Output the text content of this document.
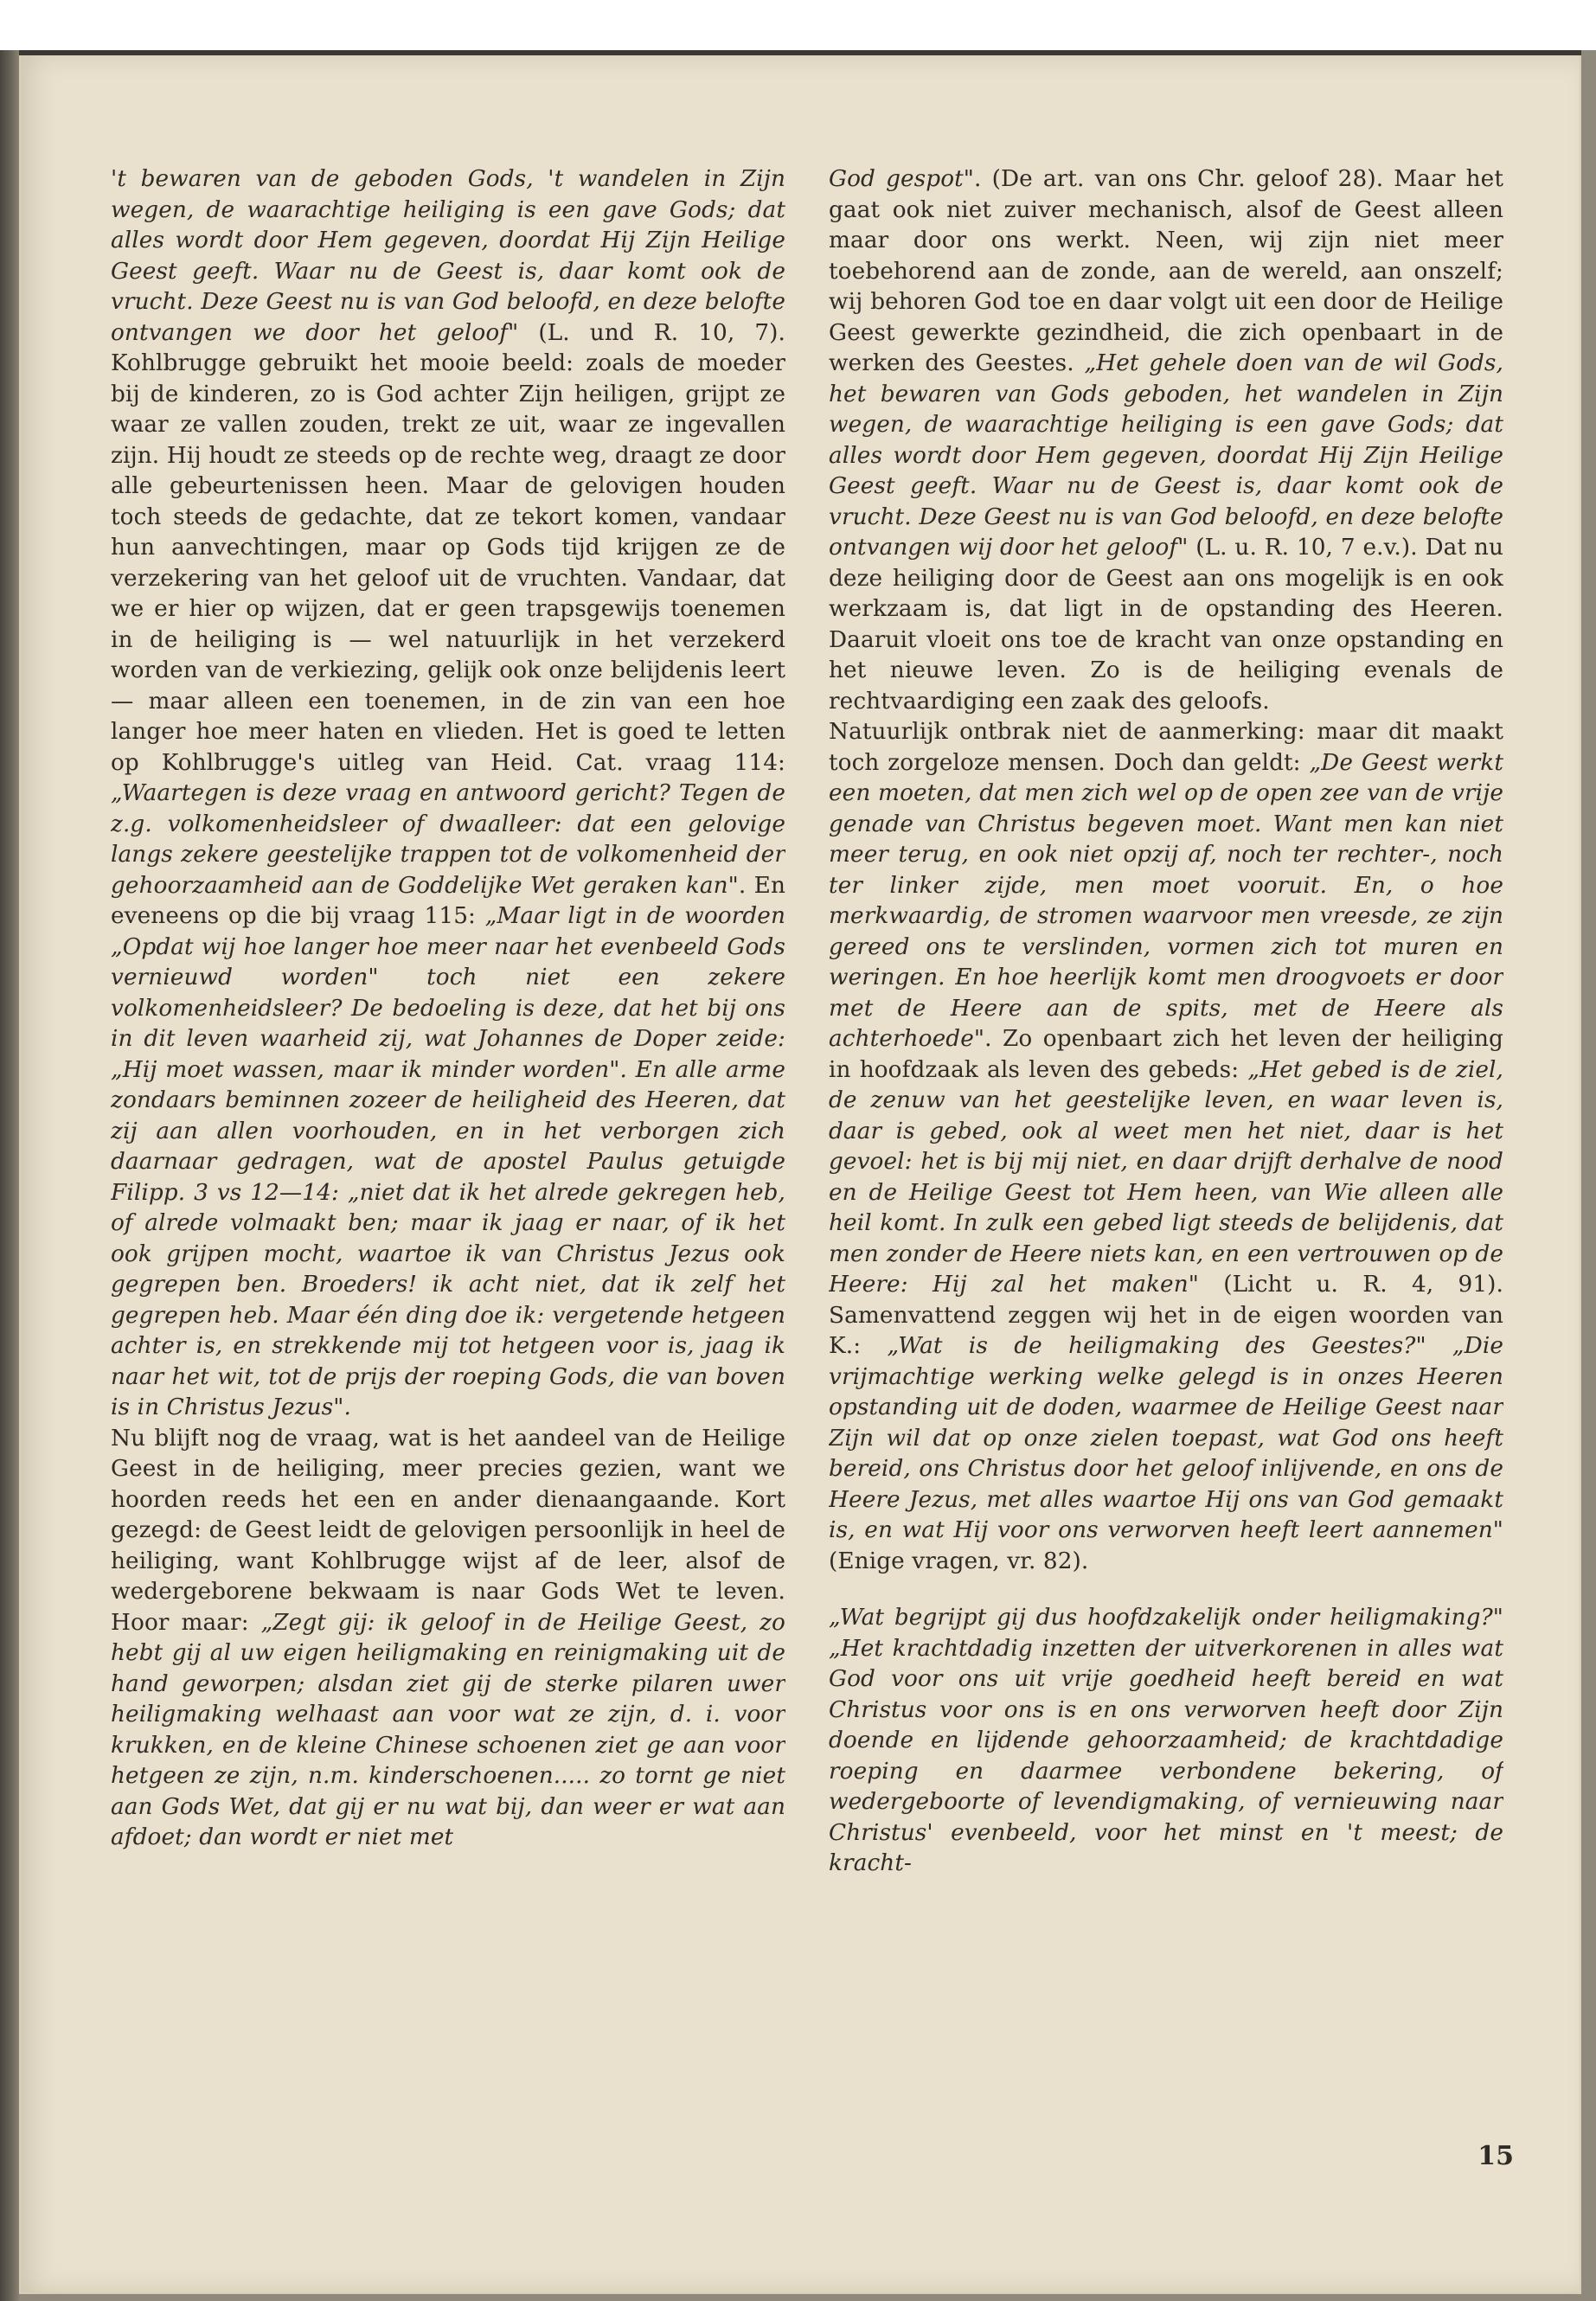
't bewaren van de geboden Gods, 't wandelen in Zijn wegen, de waarachtige heiliging is een gave Gods; dat alles wordt door Hem gegeven, doordat Hij Zijn Heilige Geest geeft. Waar nu de Geest is, daar komt ook de vrucht. Deze Geest nu is van God beloofd, en deze belofte ontvangen we door het geloof" (L. und R. 10, 7). Kohlbrugge gebruikt het mooie beeld: zoals de moeder bij de kinderen, zo is God achter Zijn heiligen, grijpt ze waar ze vallen zouden, trekt ze uit, waar ze ingevallen zijn. Hij houdt ze steeds op de rechte weg, draagt ze door alle gebeurtenissen heen. Maar de gelovigen houden toch steeds de gedachte, dat ze tekort komen, vandaar hun aanvechtingen, maar op Gods tijd krijgen ze de verzekering van het geloof uit de vruchten. Vandaar, dat we er hier op wijzen, dat er geen trapsgewijs toenemen in de heiliging is — wel natuurlijk in het verzekerd worden van de verkiezing, gelijk ook onze belijdenis leert — maar alleen een toenemen, in de zin van een hoe langer hoe meer haten en vlieden. Het is goed te letten op Kohlbrugge's uitleg van Heid. Cat. vraag 114: „Waartegen is deze vraag en antwoord gericht? Tegen de z.g. volkomenheidsleer of dwaalleer: dat een gelovige langs zekere geestelijke trappen tot de volkomenheid der gehoorzaamheid aan de Goddelijke Wet geraken kan". En eveneens op die bij vraag 115: „Maar ligt in de woorden „Opdat wij hoe langer hoe meer naar het evenbeeld Gods vernieuwd worden" toch niet een zekere volkomenheidsleer? De bedoeling is deze, dat het bij ons in dit leven waarheid zij, wat Johannes de Doper zeide: „Hij moet wassen, maar ik minder worden". En alle arme zondaars beminnen zozeer de heiligheid des Heeren, dat zij aan allen voorhouden, en in het verborgen zich daarnaar gedragen, wat de apostel Paulus getuigde Filipp. 3 vs 12—14: „niet dat ik het alrede gekregen heb, of alrede volmaakt ben; maar ik jaag er naar, of ik het ook grijpen mocht, waartoe ik van Christus Jezus ook gegrepen ben. Broeders! ik acht niet, dat ik zelf het gegrepen heb. Maar één ding doe ik: vergetende hetgeen achter is, en strekkende mij tot hetgeen voor is, jaag ik naar het wit, tot de prijs der roeping Gods, die van boven is in Christus Jezus".

Nu blijft nog de vraag, wat is het aandeel van de Heilige Geest in de heiliging, meer precies gezien, want we hoorden reeds het een en ander dienaangaande. Kort gezegd: de Geest leidt de gelovigen persoonlijk in heel de heiliging, want Kohlbrugge wijst af de leer, alsof de wedergeborene bekwaam is naar Gods Wet te leven. Hoor maar: „Zegt gij: ik geloof in de Heilige Geest, zo hebt gij al uw eigen heiligmaking en reinigmaking uit de hand geworpen; alsdan ziet gij de sterke pilaren uwer heiligmaking welhaast aan voor wat ze zijn, d. i. voor krukken, en de kleine Chinese schoenen ziet ge aan voor hetgeen ze zijn, n.m. kinderschoenen..... zo tornt ge niet aan Gods Wet, dat gij er nu wat bij, dan weer er wat aan afdoet; dan wordt er niet met

God gespot". (De art. van ons Chr. geloof 28). Maar het gaat ook niet zuiver mechanisch, alsof de Geest alleen maar door ons werkt. Neen, wij zijn niet meer toebehorend aan de zonde, aan de wereld, aan onszelf; wij behoren God toe en daar volgt uit een door de Heilige Geest gewerkte gezindheid, die zich openbaart in de werken des Geestes. „Het gehele doen van de wil Gods, het bewaren van Gods geboden, het wandelen in Zijn wegen, de waarachtige heiliging is een gave Gods; dat alles wordt door Hem gegeven, doordat Hij Zijn Heilige Geest geeft. Waar nu de Geest is, daar komt ook de vrucht. Deze Geest nu is van God beloofd, en deze belofte ontvangen wij door het geloof" (L. u. R. 10, 7 e.v.). Dat nu deze heiliging door de Geest aan ons mogelijk is en ook werkzaam is, dat ligt in de opstanding des Heeren. Daaruit vloeit ons toe de kracht van onze opstanding en het nieuwe leven. Zo is de heiliging evenals de rechtvaardiging een zaak des geloofs.

Natuurlijk ontbrak niet de aanmerking: maar dit maakt toch zorgeloze mensen. Doch dan geldt: „De Geest werkt een moeten, dat men zich wel op de open zee van de vrije genade van Christus begeven moet. Want men kan niet meer terug, en ook niet opzij af, noch ter rechter-, noch ter linker zijde, men moet vooruit. En, o hoe merkwaardig, de stromen waarvoor men vreesde, ze zijn gereed ons te verslinden, vormen zich tot muren en weringen. En hoe heerlijk komt men droogvoets er door met de Heere aan de spits, met de Heere als achterhoede". Zo openbaart zich het leven der heiliging in hoofdzaak als leven des gebeds: „Het gebed is de ziel, de zenuw van het geestelijke leven, en waar leven is, daar is gebed, ook al weet men het niet, daar is het gevoel: het is bij mij niet, en daar drijft derhalve de nood en de Heilige Geest tot Hem heen, van Wie alleen alle heil komt. In zulk een gebed ligt steeds de belijdenis, dat men zonder de Heere niets kan, en een vertrouwen op de Heere: Hij zal het maken" (Licht u. R. 4, 91). Samenvattend zeggen wij het in de eigen woorden van K.: „Wat is de heiligmaking des Geestes?" „Die vrijmachtige werking welke gelegd is in onzes Heeren opstanding uit de doden, waarmee de Heilige Geest naar Zijn wil dat op onze zielen toepast, wat God ons heeft bereid, ons Christus door het geloof inlijvende, en ons de Heere Jezus, met alles waartoe Hij ons van God gemaakt is, en wat Hij voor ons verworven heeft leert aannemen" (Enige vragen, vr. 82).

„Wat begrijpt gij dus hoofdzakelijk onder heiligmaking?" „Het krachtdadig inzetten der uitverkorenen in alles wat God voor ons uit vrije goedheid heeft bereid en wat Christus voor ons is en ons verworven heeft door Zijn doende en lijdende gehoorzaamheid; de krachtdadige roeping en daarmee verbondene bekering, of wedergeboorte of levendigmaking, of vernieuwing naar Christus' evenbeeld, voor het minst en 't meest; de kracht-

15
